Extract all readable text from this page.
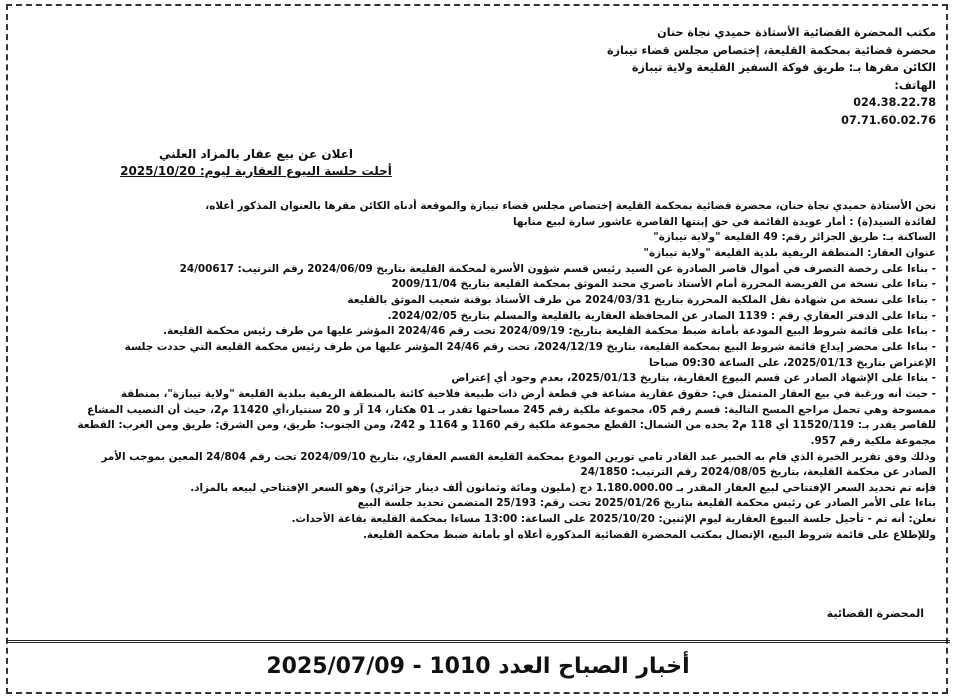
مكتب المحضرة القضائية الأستاذة حميدي نجاة حنان
محضرة قضائية بمحكمة القليعة، إختصاص مجلس قضاء تيبازة
الكائن مقرها بـ: طريق فوكة السفير القليعة ولاية تيبازة
الهاتف:
024.38.22.78
07.71.60.02.76
اعلان عن بيع عقار بالمزاد العلني
أجلت جلسة البيوع العقارية ليوم: 2025/10/20
نحن الأستاذة حميدي نجاة حنان، محضرة قضائية بمحكمة القليعة إختصاص مجلس قضاء تيبازة والموقعة أدناه الكائن مقرها بالعنوان المذكور أعلاه،
لفائدة السيد(ة) : أمار عويدة القائمة في حق إبنتها القاصرة عاشور سارة لبيع منابها
الساكنة بـ: طريق الجزائر رقم: 49 القليعة "ولاية تيبازة"
عنوان العقار: المنطقة الريفية بلدية القليعة "ولاية تيبازة"
- بناءا على رخصة التصرف في أموال قاصر الصادرة عن السيد رئيس قسم شؤون الأسرة لمحكمة القليعة بتاريخ 2024/06/09 رقم الترتيب: 24/00617
- بناءا على نسخة من الفريضة المحررة أمام الأستاذ ناصري محند الموثق بمحكمة القليعة بتاريخ 2009/11/04
- بناءا على نسخة من شهادة نقل الملكية المحررة بتاريخ 2024/03/31 من طرف الأستاذ بوقنة شعيب الموثق بالقليعة
- بناءا على الدفتر العقاري رقم : 1139 الصادر عن المحافظة العقارية بالقليعة والمسلم بتاريخ 2024/02/05.
- بناءا على قائمة شروط البيع المودعة بأمانة ضبط محكمة القليعة بتاريخ: 2024/09/19 تحت رقم 2024/46 المؤشر عليها من طرف رئيس محكمة القليعة.
- بناءا على محضر إيداع قائمة شروط البيع بمحكمة القليعة، بتاريخ 2024/12/19، تحت رقم 24/46 المؤشر عليها من طرف رئيس محكمة القليعة التي حددت جلسة
الإعتراض بتاريخ 2025/01/13، على الساعة 09:30 صباحا
- بناءا على الإشهاد الصادر عن قسم البيوع العقارية، بتاريخ 2025/01/13، بعدم وجود أي إعتراض
- حيث أنه ورغبة في بيع العقار المتمثل في: حقوق عقارية مشاعة في قطعة أرض ذات طبيعة فلاحية كائنة بالمنطقة الريفية ببلدية القليعة "ولاية تيبازة"، بمنطقة
ممسوحة وهي تحمل مراجع المسح التالية: قسم رقم 05، مجموعة ملكية رقم 245 مساحتها تقدر بـ 01 هكتار، 14 آر و 20 سنتيار،أي 11420 م2، حيث أن النصيب المشاع
للقاصر يقدر بـ: 11520/119 أي 118 م2 يحده من الشمال: القطع مجموعة ملكية رقم 1160 و 1164 و 242، ومن الجنوب: طريق، ومن الشرق: طريق ومن الغرب: القطعة
مجموعة ملكية رقم 957.
وذلك وفق تقرير الخبرة الذي قام به الخبير عبد القادر تامي تورين المودع بمحكمة القليعة القسم العقاري، بتاريخ 2024/09/10 تحت رقم 24/804 المعين بموجب الأمر
الصادر عن محكمة القليعة، بتاريخ 2024/08/05 رقم الترتيب: 24/1850
فإنه تم تحديد السعر الإفتتاحي لبيع العقار المقدر بـ 1.180.000.00 دج (مليون ومائة وثمانون ألف دينار جزائري) وهو السعر الإفتتاحي لبيعه بالمزاد.
بناءا على الأمر الصادر عن رئيس محكمة القليعة بتاريخ 2025/01/26 تحت رقم: 25/193 المتضمن تحديد جلسة البيع
نعلن: أنه تم - تأجيل جلسة البيوع العقارية ليوم الإثنين: 2025/10/20 على الساعة: 13:00 مساءا بمحكمة القليعة بقاعة الأحداث.
وللإطلاع على قائمة شروط البيع، الإتصال بمكتب المحضرة القضائية المذكورة أعلاه أو بأمانة ضبط محكمة القليعة.
المحضرة القضائية
أخبار الصباح العدد 1010 - 2025/07/09
